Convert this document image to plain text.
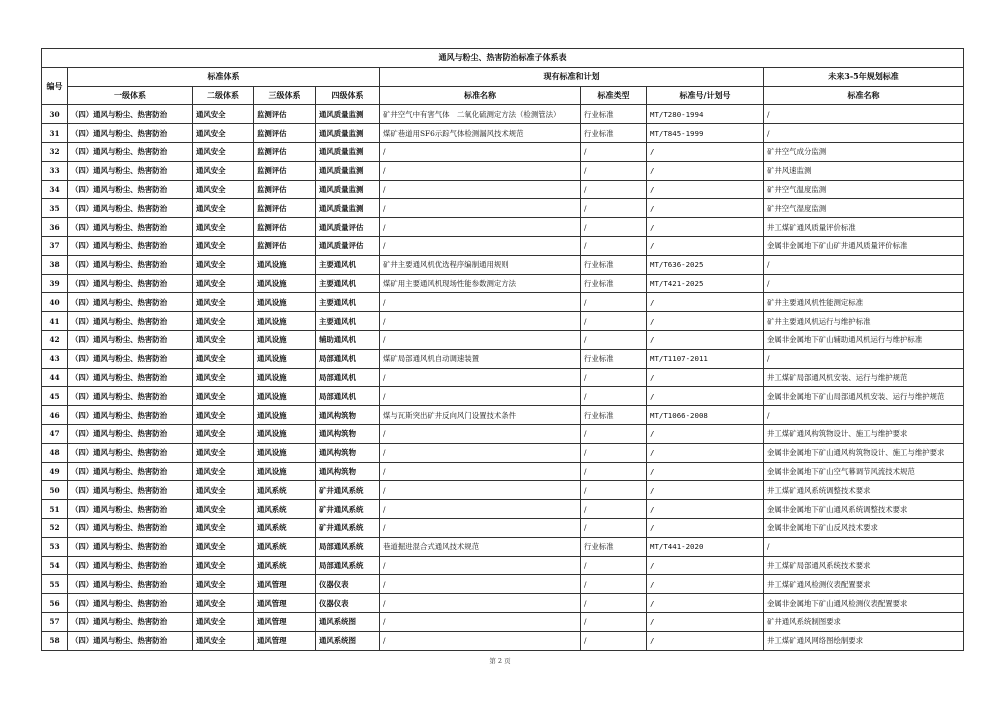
通风与粉尘、热害防治标准子体系表								
编号	标准体系				现有标准和计划			未来3-5年规划标准
	一级体系	二级体系	三级体系	四级体系	标准名称	标准类型	标准号/计划号	标准名称
30	（四）通风与粉尘、热害防治	通风安全	监测评估	通风质量监测	矿井空气中有害气体　二氧化硫测定方法（检测管法）	行业标准	MT/T280-1994	/
31	（四）通风与粉尘、热害防治	通风安全	监测评估	通风质量监测	煤矿巷道用SF6示踪气体检测漏风技术规范	行业标准	MT/T845-1999	/
32	（四）通风与粉尘、热害防治	通风安全	监测评估	通风质量监测	/	/	/	矿井空气成分监测
33	（四）通风与粉尘、热害防治	通风安全	监测评估	通风质量监测	/	/	/	矿井风速监测
34	（四）通风与粉尘、热害防治	通风安全	监测评估	通风质量监测	/	/	/	矿井空气温度监测
35	（四）通风与粉尘、热害防治	通风安全	监测评估	通风质量监测	/	/	/	矿井空气湿度监测
36	（四）通风与粉尘、热害防治	通风安全	监测评估	通风质量评估	/	/	/	井工煤矿通风质量评价标准
37	（四）通风与粉尘、热害防治	通风安全	监测评估	通风质量评估	/	/	/	金属非金属地下矿山矿井通风质量评价标准
38	（四）通风与粉尘、热害防治	通风安全	通风设施	主要通风机	矿井主要通风机优选程序编制通用规则	行业标准	MT/T636-2025	/
39	（四）通风与粉尘、热害防治	通风安全	通风设施	主要通风机	煤矿用主要通风机现场性能参数测定方法	行业标准	MT/T421-2025	/
40	（四）通风与粉尘、热害防治	通风安全	通风设施	主要通风机	/	/	/	矿井主要通风机性能测定标准
41	（四）通风与粉尘、热害防治	通风安全	通风设施	主要通风机	/	/	/	矿井主要通风机运行与维护标准
42	（四）通风与粉尘、热害防治	通风安全	通风设施	辅助通风机	/	/	/	金属非金属地下矿山辅助通风机运行与维护标准
43	（四）通风与粉尘、热害防治	通风安全	通风设施	局部通风机	煤矿局部通风机自动调速装置	行业标准	MT/T1107-2011	/
44	（四）通风与粉尘、热害防治	通风安全	通风设施	局部通风机	/	/	/	井工煤矿局部通风机安装、运行与维护规范
45	（四）通风与粉尘、热害防治	通风安全	通风设施	局部通风机	/	/	/	金属非金属地下矿山局部通风机安装、运行与维护规范
46	（四）通风与粉尘、热害防治	通风安全	通风设施	通风构筑物	煤与瓦斯突出矿井反向风门设置技术条件	行业标准	MT/T1066-2008	/
47	（四）通风与粉尘、热害防治	通风安全	通风设施	通风构筑物	/	/	/	井工煤矿通风构筑物设计、施工与维护要求
48	（四）通风与粉尘、热害防治	通风安全	通风设施	通风构筑物	/	/	/	金属非金属地下矿山通风构筑物设计、施工与维护要求
49	（四）通风与粉尘、热害防治	通风安全	通风设施	通风构筑物	/	/	/	金属非金属地下矿山空气幕调节风流技术规范
50	（四）通风与粉尘、热害防治	通风安全	通风系统	矿井通风系统	/	/	/	井工煤矿通风系统调整技术要求
51	（四）通风与粉尘、热害防治	通风安全	通风系统	矿井通风系统	/	/	/	金属非金属地下矿山通风系统调整技术要求
52	（四）通风与粉尘、热害防治	通风安全	通风系统	矿井通风系统	/	/	/	金属非金属地下矿山反风技术要求
53	（四）通风与粉尘、热害防治	通风安全	通风系统	局部通风系统	巷道掘进混合式通风技术规范	行业标准	MT/T441-2020	/
54	（四）通风与粉尘、热害防治	通风安全	通风系统	局部通风系统	/	/	/	井工煤矿局部通风系统技术要求
55	（四）通风与粉尘、热害防治	通风安全	通风管理	仪器仪表	/	/	/	井工煤矿通风检测仪表配置要求
56	（四）通风与粉尘、热害防治	通风安全	通风管理	仪器仪表	/	/	/	金属非金属地下矿山通风检测仪表配置要求
57	（四）通风与粉尘、热害防治	通风安全	通风管理	通风系统图	/	/	/	矿井通风系统制图要求
58	（四）通风与粉尘、热害防治	通风安全	通风管理	通风系统图	/	/	/	井工煤矿通风网络图绘制要求
第 2 页
